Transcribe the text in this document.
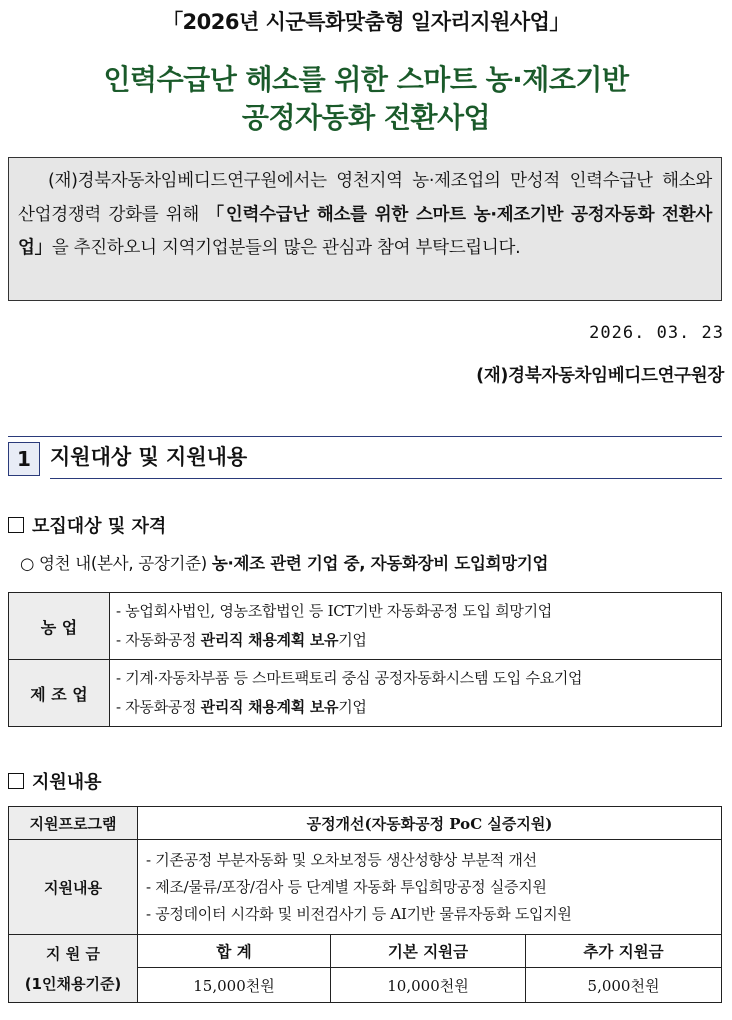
「2026년 시군특화맞춤형 일자리지원사업」
인력수급난 해소를 위한 스마트 농·제조기반
공정자동화 전환사업
(재)경북자동차임베디드연구원에서는 영천지역 농·제조업의 만성적 인력수급난 해소와 산업경쟁력 강화를 위해 「인력수급난 해소를 위한 스마트 농·제조기반 공정자동화 전환사업」을 추진하오니 지역기업분들의 많은 관심과 참여 부탁드립니다.
2026. 03. 23
(재)경북자동차임베디드연구원장
1 지원대상 및 지원내용
모집대상 및 자격
○ 영천 내(본사, 공장기준) 농·제조 관련 기업 중, 자동화장비 도입희망기업
농 업	- 농업회사법인, 영농조합법인 등 ICT기반 자동화공정 도입 희망기업
- 자동화공정 관리직 채용계획 보유기업

제 조 업	- 기계·자동차부품 등 스마트팩토리 중심 공정자동화시스템 도입 수요기업
- 자동화공정 관리직 채용계획 보유기업
지원내용
지원프로그램	공정개선(자동화공정 PoC 실증지원)		
지원내용	- 기존공정 부분자동화 및 오차보정등 생산성향상 부분적 개선
- 제조/물류/포장/검사 등 단계별 자동화 투입희망공정 실증지원
- 공정데이터 시각화 및 비전검사기 등 AI기반 물류자동화 도입지원		

지 원 금
(1인채용기준)	합 계	기본 지원금	추가 지원금
	15,000천원	10,000천원	5,000천원
